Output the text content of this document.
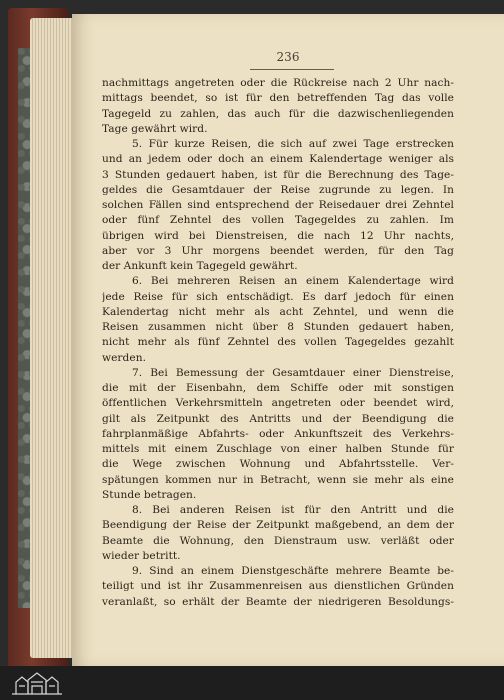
236
nachmittags angetreten oder die Rückreise nach 2 Uhr nach-
mittags beendet, so ist für den betreffenden Tag das volle
Tagegeld zu zahlen, das auch für die dazwischenliegenden
Tage gewährt wird.
5. Für kurze Reisen, die sich auf zwei Tage erstrecken
und an jedem oder doch an einem Kalendertage weniger als
3 Stunden gedauert haben, ist für die Berechnung des Tage-
geldes die Gesamtdauer der Reise zugrunde zu legen. In
solchen Fällen sind entsprechend der Reisedauer drei Zehntel
oder fünf Zehntel des vollen Tagegeldes zu zahlen. Im
übrigen wird bei Dienstreisen, die nach 12 Uhr nachts,
aber vor 3 Uhr morgens beendet werden, für den Tag
der Ankunft kein Tagegeld gewährt.
6. Bei mehreren Reisen an einem Kalendertage wird
jede Reise für sich entschädigt. Es darf jedoch für einen
Kalendertag nicht mehr als acht Zehntel, und wenn die
Reisen zusammen nicht über 8 Stunden gedauert haben,
nicht mehr als fünf Zehntel des vollen Tagegeldes gezahlt
werden.
7. Bei Bemessung der Gesamtdauer einer Dienstreise,
die mit der Eisenbahn, dem Schiffe oder mit sonstigen
öffentlichen Verkehrsmitteln angetreten oder beendet wird,
gilt als Zeitpunkt des Antritts und der Beendigung die
fahrplanmäßige Abfahrts- oder Ankunftszeit des Verkehrs-
mittels mit einem Zuschlage von einer halben Stunde für
die Wege zwischen Wohnung und Abfahrtsstelle. Ver-
spätungen kommen nur in Betracht, wenn sie mehr als eine
Stunde betragen.
8. Bei anderen Reisen ist für den Antritt und die
Beendigung der Reise der Zeitpunkt maßgebend, an dem der
Beamte die Wohnung, den Dienstraum usw. verläßt oder
wieder betritt.
9. Sind an einem Dienstgeschäfte mehrere Beamte be-
teiligt und ist ihr Zusammenreisen aus dienstlichen Gründen
veranlaßt, so erhält der Beamte der niedrigeren Besoldungs-
